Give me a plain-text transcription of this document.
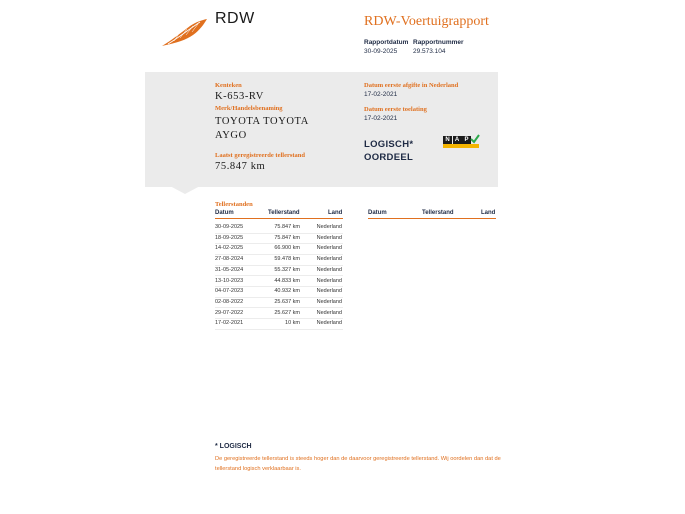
RDW	RDW-Voertuigrapport
Rapportdatum
30-09-2025
Rapportnummer
29.573.104
Kenteken
K-653-RV
Merk/Handelsbenaming
TOYOTA TOYOTA
AYGO
Laatst geregistreerde tellerstand
75.847 km
Datum eerste afgifte in Nederland
17-02-2021
Datum eerste toelating
17-02-2021
LOGISCH*
OORDEEL
N A P
Tellerstanden
Datum	Tellerstand	Land	Datum	Tellerstand	Land
30-09-2025	75.847 km	Nederland
18-09-2025	75.847 km	Nederland
14-02-2025	66.900 km	Nederland
27-08-2024	59.478 km	Nederland
31-05-2024	55.327 km	Nederland
13-10-2023	44.833 km	Nederland
04-07-2023	40.932 km	Nederland
02-08-2022	25.637 km	Nederland
29-07-2022	25.627 km	Nederland
17-02-2021	10 km	Nederland
* LOGISCH
De geregistreerde tellerstand is steeds hoger dan de daarvoor geregistreerde tellerstand. Wij oordelen dan dat de tellerstand logisch verklaarbaar is.
